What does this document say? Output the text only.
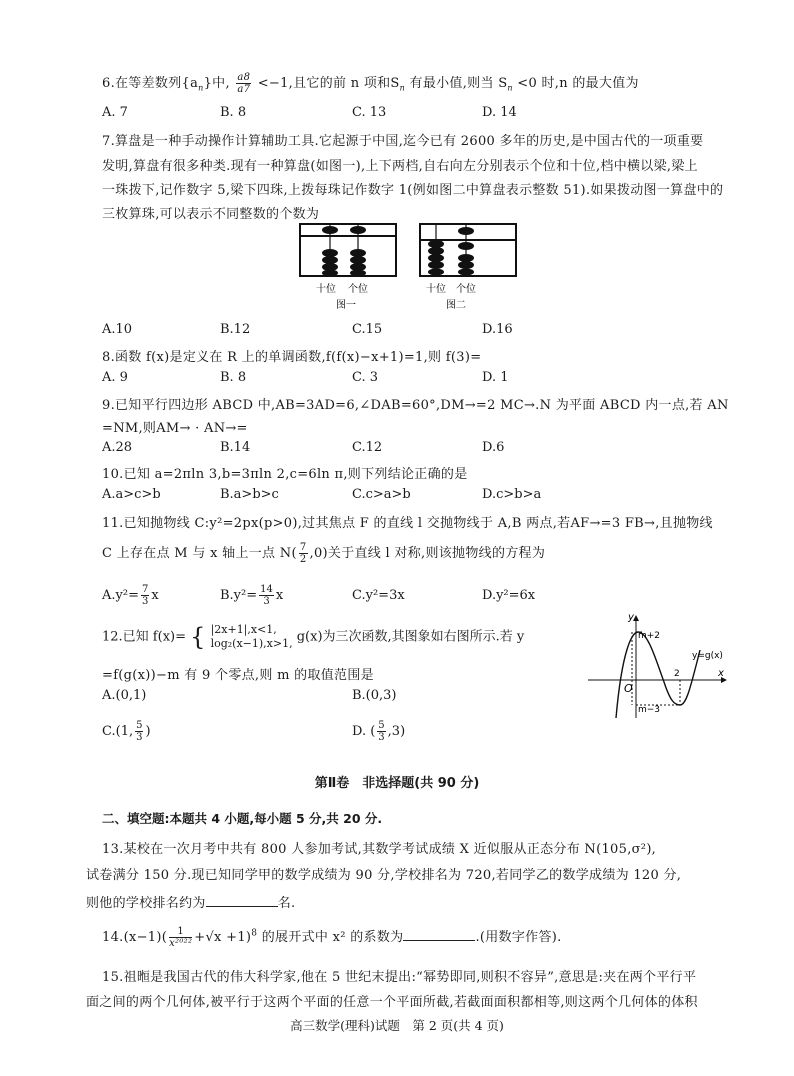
6.在等差数列$\{a_n\}$中, $\frac{a8}{a7} <-1$,且它的前 n 项和$S_n$ 有最小值,则当 $S_n <0$ 时,n 的最大值为
A. 7	B. 8	C. 13	D. 14
7.算盘是一种手动操作计算辅助工具.它起源于中国,迄今已有 2600 多年的历史,是中国古代的一项重要
发明,算盘有很多种类.现有一种算盘(如图一),上下两档,自右向左分别表示个位和十位,档中横以梁,梁上
一珠拨下,记作数字 5,梁下四珠,上拨每珠记作数字 1(例如图二中算盘表示整数 51).如果拨动图一算盘中的
三枚算珠,可以表示不同整数的个数为
十位 个位
图一
十位 个位
图二
A.10	B.12	C.15	D.16
8.函数 f(x)是定义在 R 上的单调函数,f(f(x)−x+1)=1,则 f(3)=
A. 9	B. 8	C. 3	D. 1
9.已知平行四边形 ABCD 中,AB=3AD=6,∠DAB=60°,DM→=2 MC→.N 为平面 ABCD 内一点,若 AN
=NM,则AM→ · AN→=
A.28	B.14	C.12	D.6
10.已知 a=2πln 3,b=3πln 2,c=6ln π,则下列结论正确的是
A.a>c>b	B.a>b>c	C.c>a>b	D.c>b>a
11.已知抛物线 C:y²=2px(p>0),过其焦点 F 的直线 l 交抛物线于 A,B 两点,若AF→=3 FB→,且抛物线
C 上存在点 M 与 x 轴上一点 $N( \frac{7}{2} ,0)$关于直线 l 对称,则该抛物线的方程为
$A.y^2= \frac{7}{3}$ x	$B.y^2= \frac{14}{3}$ x	C.y²=3x	D.y²=6x
12.已知 f(x)= { |2x+1|,x<1,
log₂(x−1),x>1, g(x)为三次函数,其图象如右图所示.若 y
=f(g(x))−m 有 9 个零点,则 m 的取值范围是
A.(0,1)	B.(0,3)
C.(1, $\frac{5}{3}$ )	D. ( $\frac{5}{3} ,3$)
y
x
O
m+2
m−3
2
y=g(x)
第Ⅱ卷　非选择题(共 90 分)
二、填空题:本题共 4 小题,每小题 5 分,共 20 分.
13.某校在一次月考中共有 800 人参加考试,其数学考试成绩 X 近似服从正态分布 N(105,σ²),
试卷满分 150 分.现已知同学甲的数学成绩为 90 分,学校排名为 720,若同学乙的数学成绩为 120 分,
则他的学校排名约为	名.
$14.(x-1)( \frac{1}{\text{x²⁰²²}} +√x +1)^8$ 的展开式中 x² 的系数为	.(用数字作答).
15.祖暅是我国古代的伟大科学家,他在 5 世纪末提出:“幂势即同,则积不容异”,意思是:夹在两个平行平
面之间的两个几何体,被平行于这两个平面的任意一个平面所截,若截面面积都相等,则这两个几何体的体积
高三数学(理科)试题　第 2 页(共 4 页)
